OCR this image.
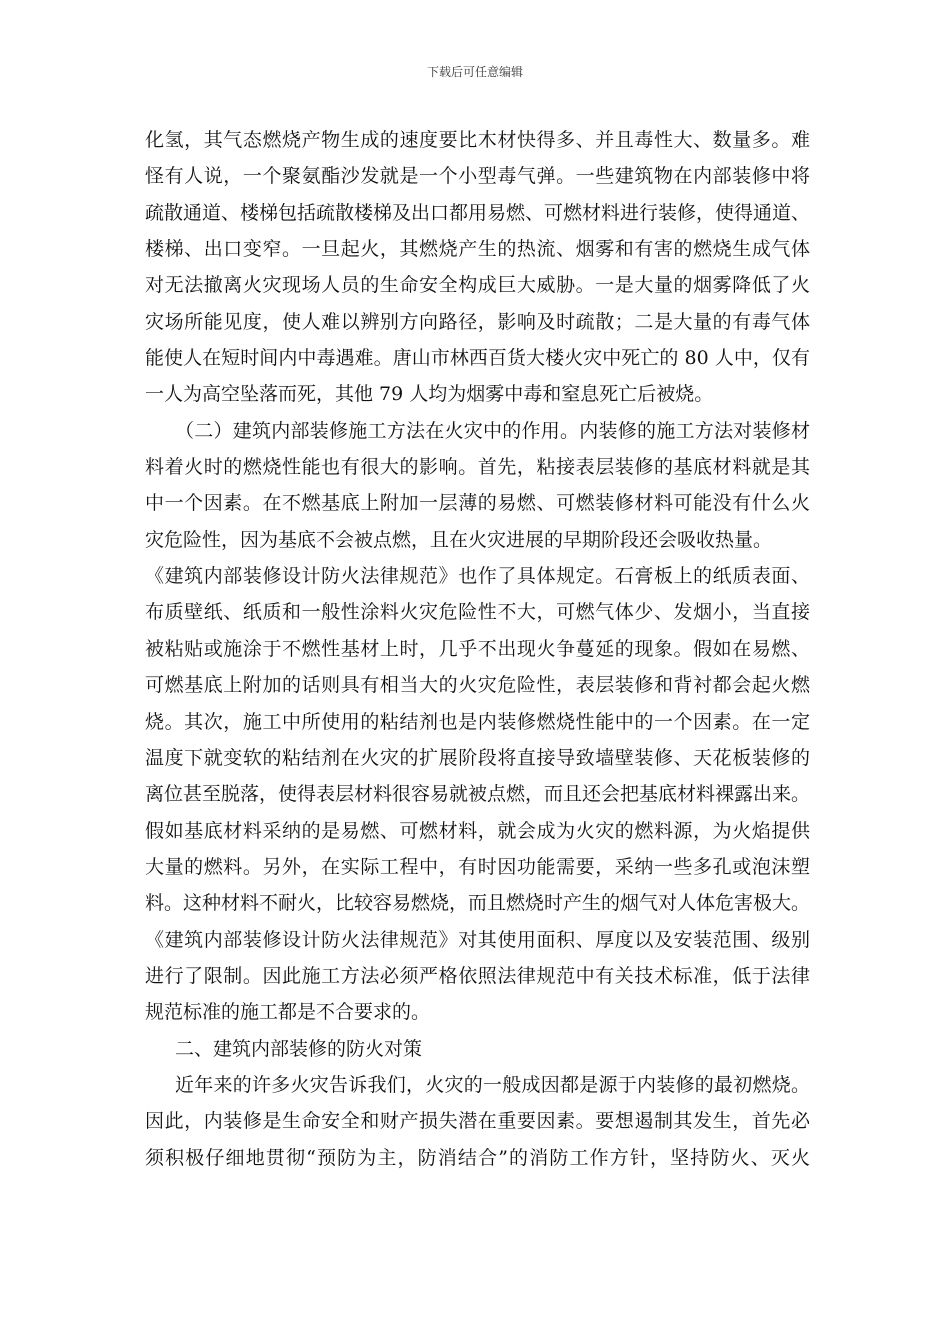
下载后可任意编辑
化氢，其气态燃烧产物生成的速度要比木材快得多、并且毒性大、数量多。难
怪有人说，一个聚氨酯沙发就是一个小型毒气弹。一些建筑物在内部装修中将
疏散通道、楼梯包括疏散楼梯及出口都用易燃、可燃材料进行装修，使得通道、
楼梯、出口变窄。一旦起火，其燃烧产生的热流、烟雾和有害的燃烧生成气体
对无法撤离火灾现场人员的生命安全构成巨大威胁。一是大量的烟雾降低了火
灾场所能见度，使人难以辨别方向路径，影响及时疏散；二是大量的有毒气体
能使人在短时间内中毒遇难。唐山市林西百货大楼火灾中死亡的 80 人中，仅有
一人为高空坠落而死，其他 79 人均为烟雾中毒和窒息死亡后被烧。
（二）建筑内部装修施工方法在火灾中的作用。内装修的施工方法对装修材
料着火时的燃烧性能也有很大的影响。首先，粘接表层装修的基底材料就是其
中一个因素。在不燃基底上附加一层薄的易燃、可燃装修材料可能没有什么火
灾危险性，因为基底不会被点燃，且在火灾进展的早期阶段还会吸收热量。
《建筑内部装修设计防火法律规范》也作了具体规定。石膏板上的纸质表面、
布质壁纸、纸质和一般性涂料火灾危险性不大，可燃气体少、发烟小，当直接
被粘贴或施涂于不燃性基材上时，几乎不出现火争蔓延的现象。假如在易燃、
可燃基底上附加的话则具有相当大的火灾危险性，表层装修和背衬都会起火燃
烧。其次，施工中所使用的粘结剂也是内装修燃烧性能中的一个因素。在一定
温度下就变软的粘结剂在火灾的扩展阶段将直接导致墙壁装修、天花板装修的
离位甚至脱落，使得表层材料很容易就被点燃，而且还会把基底材料裸露出来。
假如基底材料采纳的是易燃、可燃材料，就会成为火灾的燃料源，为火焰提供
大量的燃料。另外，在实际工程中，有时因功能需要，采纳一些多孔或泡沫塑
料。这种材料不耐火，比较容易燃烧，而且燃烧时产生的烟气对人体危害极大。
《建筑内部装修设计防火法律规范》对其使用面积、厚度以及安装范围、级别
进行了限制。因此施工方法必须严格依照法律规范中有关技术标准，低于法律
规范标准的施工都是不合要求的。
二、建筑内部装修的防火对策
近年来的许多火灾告诉我们，火灾的一般成因都是源于内装修的最初燃烧。
因此，内装修是生命安全和财产损失潜在重要因素。要想遏制其发生，首先必
须积极仔细地贯彻“预防为主，防消结合”的消防工作方针，坚持防火、灭火
